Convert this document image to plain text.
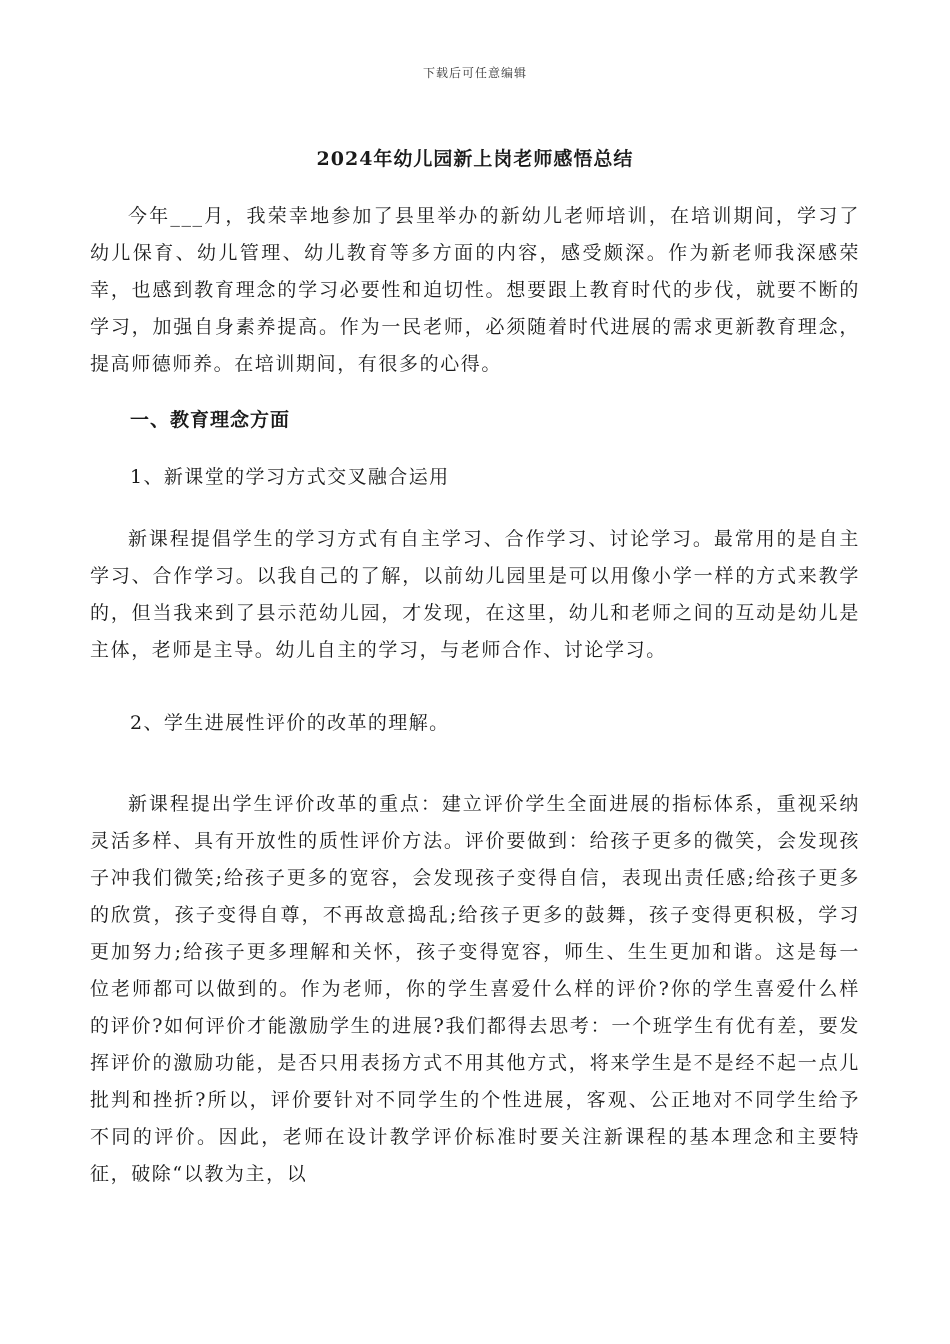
下载后可任意编辑
2024年幼儿园新上岗老师感悟总结

今年___月，我荣幸地参加了县里举办的新幼儿老师培训，在培训期间，学习了幼儿保育、幼儿管理、幼儿教育等多方面的内容，感受颇深。作为新老师我深感荣幸，也感到教育理念的学习必要性和迫切性。想要跟上教育时代的步伐，就要不断的学习，加强自身素养提高。作为一民老师，必须随着时代进展的需求更新教育理念，提高师德师养。在培训期间，有很多的心得。

一、教育理念方面
1、新课堂的学习方式交叉融合运用

新课程提倡学生的学习方式有自主学习、合作学习、讨论学习。最常用的是自主学习、合作学习。以我自己的了解，以前幼儿园里是可以用像小学一样的方式来教学的，但当我来到了县示范幼儿园，才发现，在这里，幼儿和老师之间的互动是幼儿是主体，老师是主导。幼儿自主的学习，与老师合作、讨论学习。

2、学生进展性评价的改革的理解。

新课程提出学生评价改革的重点：建立评价学生全面进展的指标体系，重视采纳灵活多样、具有开放性的质性评价方法。评价要做到：给孩子更多的微笑，会发现孩子冲我们微笑;给孩子更多的宽容，会发现孩子变得自信，表现出责任感;给孩子更多的欣赏，孩子变得自尊，不再故意捣乱;给孩子更多的鼓舞，孩子变得更积极，学习更加努力;给孩子更多理解和关怀，孩子变得宽容，师生、生生更加和谐。这是每一位老师都可以做到的。作为老师，你的学生喜爱什么样的评价?你的学生喜爱什么样的评价?如何评价才能激励学生的进展?我们都得去思考：一个班学生有优有差，要发挥评价的激励功能，是否只用表扬方式不用其他方式，将来学生是不是经不起一点儿批判和挫折?所以，评价要针对不同学生的个性进展，客观、公正地对不同学生给予不同的评价。因此，老师在设计教学评价标准时要关注新课程的基本理念和主要特征，破除“以教为主，以
